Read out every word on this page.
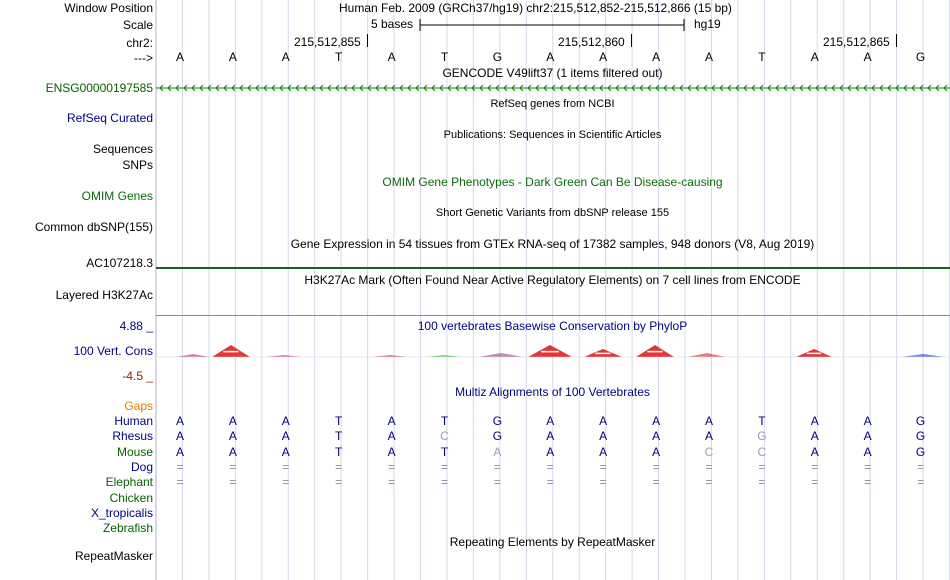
Window Position	Human Feb. 2009 (GRCh37/hg19) chr2:215,512,852-215,512,866 (15 bp)
Scale	5 bases	hg19
chr2:	215,512,855	215,512,860	215,512,865
--->	A	A	A	T	A	T	G	A	A	A	A	T	A	A	G
GENCODE V49lift37 (1 items filtered out)
ENSG00000197585
RefSeq genes from NCBI
RefSeq Curated
Publications: Sequences in Scientific Articles
Sequences
SNPs
OMIM Gene Phenotypes - Dark Green Can Be Disease-causing
OMIM Genes
Short Genetic Variants from dbSNP release 155
Common dbSNP(155)
Gene Expression in 54 tissues from GTEx RNA-seq of 17382 samples, 948 donors (V8, Aug 2019)
AC107218.3
H3K27Ac Mark (Often Found Near Active Regulatory Elements) on 7 cell lines from ENCODE
Layered H3K27Ac
100 vertebrates Basewise Conservation by PhyloP
4.88 _
100 Vert. Cons
-4.5 _
Multiz Alignments of 100 Vertebrates
Gaps
Human	A	A	A	T	A	T	G	A	A	A	A	T	A	A	G
Rhesus	A	A	A	T	A	C	G	A	A	A	A	G	A	A	G
Mouse	A	A	A	T	A	T	A	A	A	A	C	C	A	A	G
Dog	=	=	=	=	=	=	=	=	=	=	=	=	=	=	=
Elephant	=	=	=	=	=	=	=	=	=	=	=	=	=	=	=
Chicken
X_tropicalis
Zebrafish
Repeating Elements by RepeatMasker
RepeatMasker
